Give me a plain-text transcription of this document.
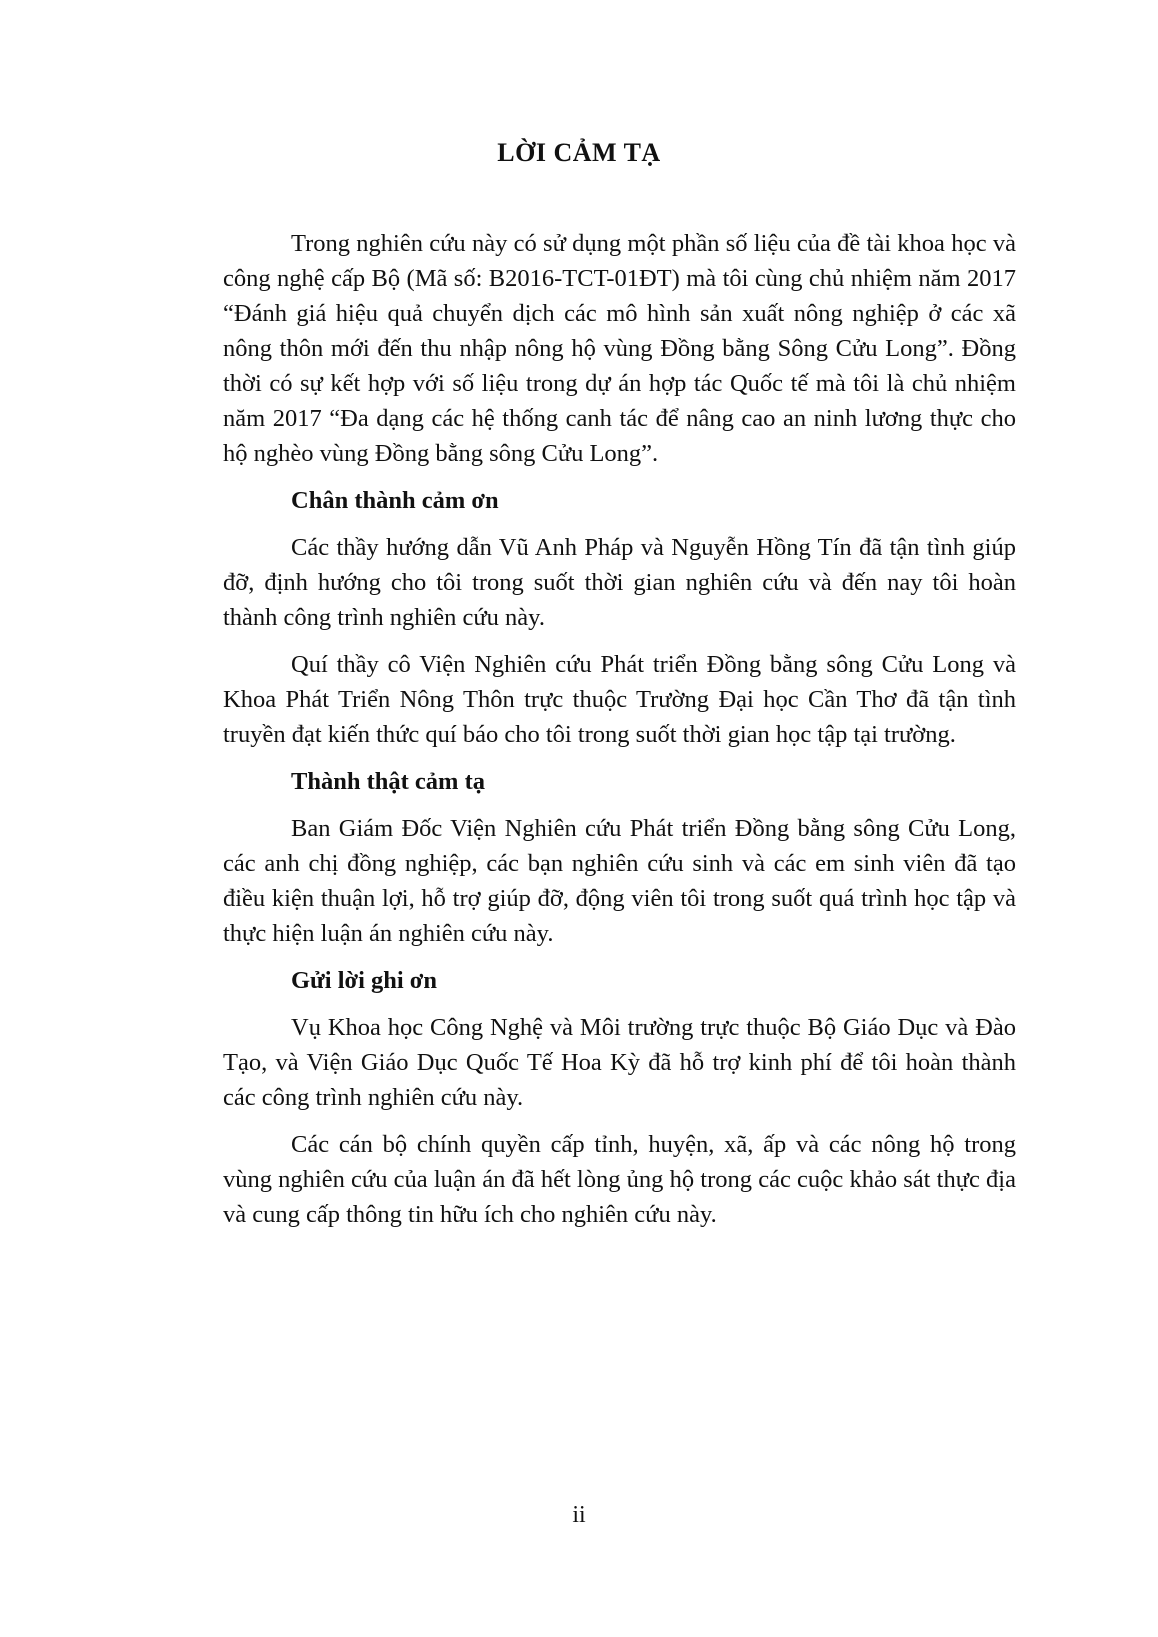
LỜI CẢM TẠ

Trong nghiên cứu này có sử dụng một phần số liệu của đề tài khoa học và công nghệ cấp Bộ (Mã số: B2016-TCT-01ĐT) mà tôi cùng chủ nhiệm năm 2017 “Đánh giá hiệu quả chuyển dịch các mô hình sản xuất nông nghiệp ở các xã nông thôn mới đến thu nhập nông hộ vùng Đồng bằng Sông Cửu Long”. Đồng thời có sự kết hợp với số liệu trong dự án hợp tác Quốc tế mà tôi là chủ nhiệm năm 2017 “Đa dạng các hệ thống canh tác để nâng cao an ninh lương thực cho hộ nghèo vùng Đồng bằng sông Cửu Long”.

Chân thành cảm ơn

Các thầy hướng dẫn Vũ Anh Pháp và Nguyễn Hồng Tín đã tận tình giúp đỡ, định hướng cho tôi trong suốt thời gian nghiên cứu và đến nay tôi hoàn thành công trình nghiên cứu này.

Quí thầy cô Viện Nghiên cứu Phát triển Đồng bằng sông Cửu Long và Khoa Phát Triển Nông Thôn trực thuộc Trường Đại học Cần Thơ đã tận tình truyền đạt kiến thức quí báo cho tôi trong suốt thời gian học tập tại trường.

Thành thật cảm tạ

Ban Giám Đốc Viện Nghiên cứu Phát triển Đồng bằng sông Cửu Long, các anh chị đồng nghiệp, các bạn nghiên cứu sinh và các em sinh viên đã tạo điều kiện thuận lợi, hỗ trợ giúp đỡ, động viên tôi trong suốt quá trình học tập và thực hiện luận án nghiên cứu này.

Gửi lời ghi ơn

Vụ Khoa học Công Nghệ và Môi trường trực thuộc Bộ Giáo Dục và Đào Tạo, và Viện Giáo Dục Quốc Tế Hoa Kỳ đã hỗ trợ kinh phí để tôi hoàn thành các công trình nghiên cứu này.

Các cán bộ chính quyền cấp tỉnh, huyện, xã, ấp và các nông hộ trong vùng nghiên cứu của luận án đã hết lòng ủng hộ trong các cuộc khảo sát thực địa và cung cấp thông tin hữu ích cho nghiên cứu này.

ii
